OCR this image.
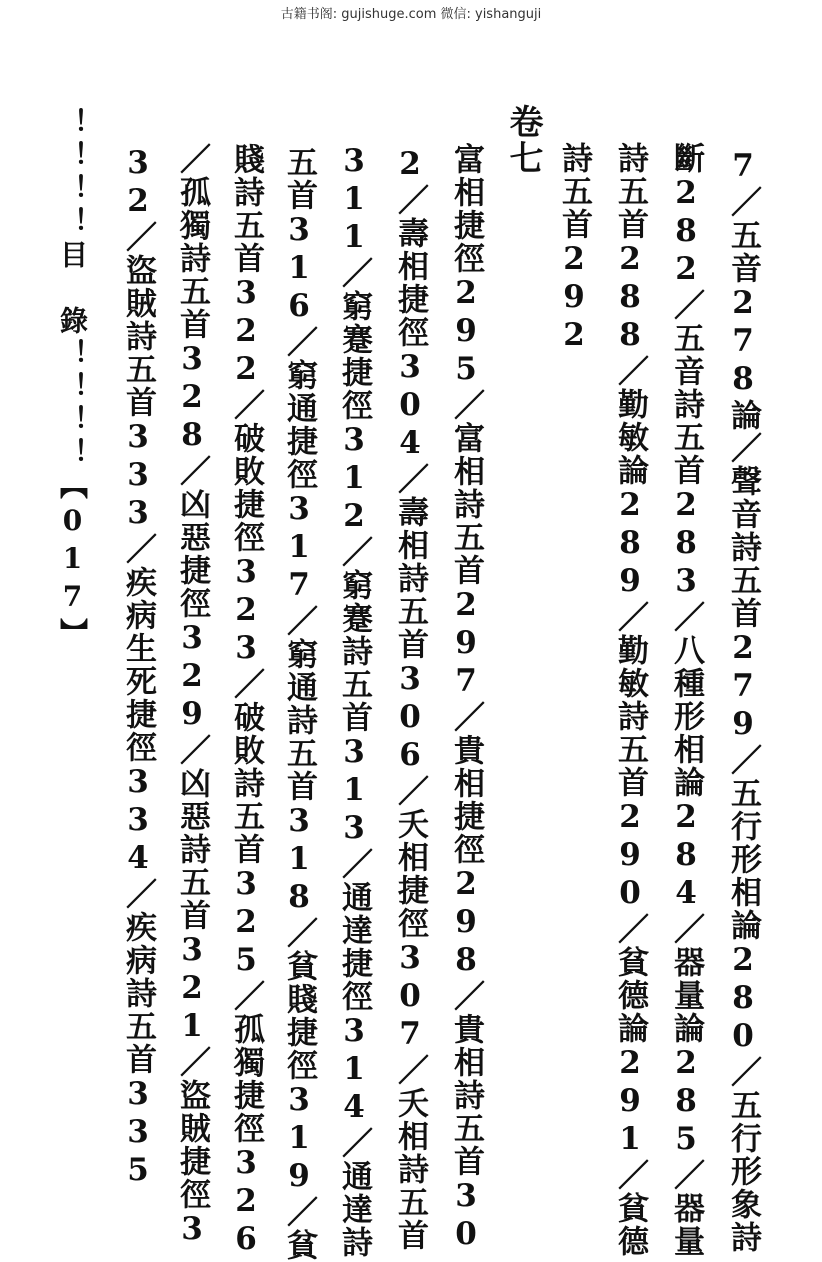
古籍书阁: gujishuge.com 微信: yishanguji
7／五音278論／聲音詩五首279／五行形相論280／五行形象詩
斷282／五音詩五首283／八種形相論284／器量論285／器量
詩五首288／勤敏論289／勤敏詩五首290／貧德論291／貧德
詩五首292
卷七
富相捷徑295／富相詩五首297／貴相捷徑298／貴相詩五首30
2／壽相捷徑304／壽相詩五首306／夭相捷徑307／夭相詩五首
311／窮蹇捷徑312／窮蹇詩五首313／通達捷徑314／通達詩
五首316／窮通捷徑317／窮通詩五首318／貧賤捷徑319／貧
賤詩五首322／破敗捷徑323／破敗詩五首325／孤獨捷徑326
／孤獨詩五首328／凶惡捷徑329／凶惡詩五首321／盜賊捷徑3
32／盜賊詩五首333／疾病生死捷徑334／疾病詩五首335
！！！！目　錄！！！！【017】
